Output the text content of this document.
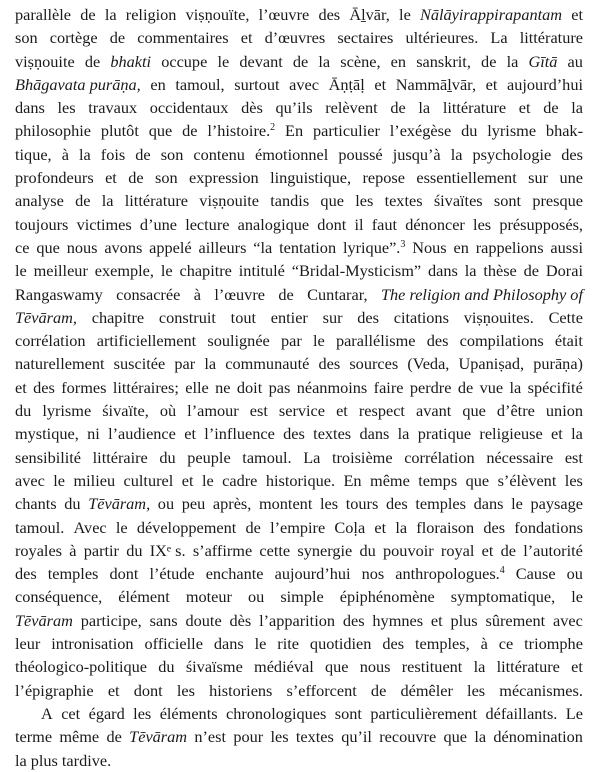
parallèle de la religion viṣṇouïte, l’œuvre des Āḻvār, le Nālāyirappirapantam et
son cortège de commentaires et d’œuvres sectaires ultérieures. La littérature
viṣṇouite de bhakti occupe le devant de la scène, en sanskrit, de la Gītā au
Bhāgavata purāṇa, en tamoul, surtout avec Āṇṭāḷ et Nammāḻvār, et aujourd’hui
dans les travaux occidentaux dès qu’ils relèvent de la littérature et de la
philosophie plutôt que de l’histoire.$^2$ En particulier l’exégèse du lyrisme bhak-
tique, à la fois de son contenu émotionnel poussé jusqu’à la psychologie des
profondeurs et de son expression linguistique, repose essentiellement sur une
analyse de la littérature viṣṇouite tandis que les textes śivaïtes sont presque
toujours victimes d’une lecture analogique dont il faut dénoncer les présupposés,
ce que nous avons appelé ailleurs “la tentation lyrique”.$^3$ Nous en rappelions aussi
le meilleur exemple, le chapitre intitulé “Bridal-Mysticism” dans la thèse de Dorai
Rangaswamy consacrée à l’œuvre de Cuntarar, The religion and Philosophy of
Tēvāram, chapitre construit tout entier sur des citations viṣṇouites. Cette
corrélation artificiellement soulignée par le parallélisme des compilations était
naturellement suscitée par la communauté des sources (Veda, Upaniṣad, purāṇa)
et des formes littéraires; elle ne doit pas néanmoins faire perdre de vue la spécifité
du lyrisme śivaïte, où l’amour est service et respect avant que d’être union
mystique, ni l’audience et l’influence des textes dans la pratique religieuse et la
sensibilité littéraire du peuple tamoul. La troisième corrélation nécessaire est
avec le milieu culturel et le cadre historique. En même temps que s’élèvent les
chants du Tēvāram, ou peu après, montent les tours des temples dans le paysage
tamoul. Avec le développement de l’empire Coḷa et la floraison des fondations
royales à partir du IXᵉ s. s’affirme cette synergie du pouvoir royal et de l’autorité
des temples dont l’étude enchante aujourd’hui nos anthropologues.$^4$ Cause ou
conséquence, élément moteur ou simple épiphénomène symptomatique, le
Tēvāram participe, sans doute dès l’apparition des hymnes et plus sûrement avec
leur intronisation officielle dans le rite quotidien des temples, à ce triomphe
théologico-politique du śivaïsme médiéval que nous restituent la littérature et
l’épigraphie et dont les historiens s’efforcent de démêler les mécanismes.
A cet égard les éléments chronologiques sont particulièrement défaillants. Le
terme même de Tēvāram n’est pour les textes qu’il recouvre que la dénomination
la plus tardive.
